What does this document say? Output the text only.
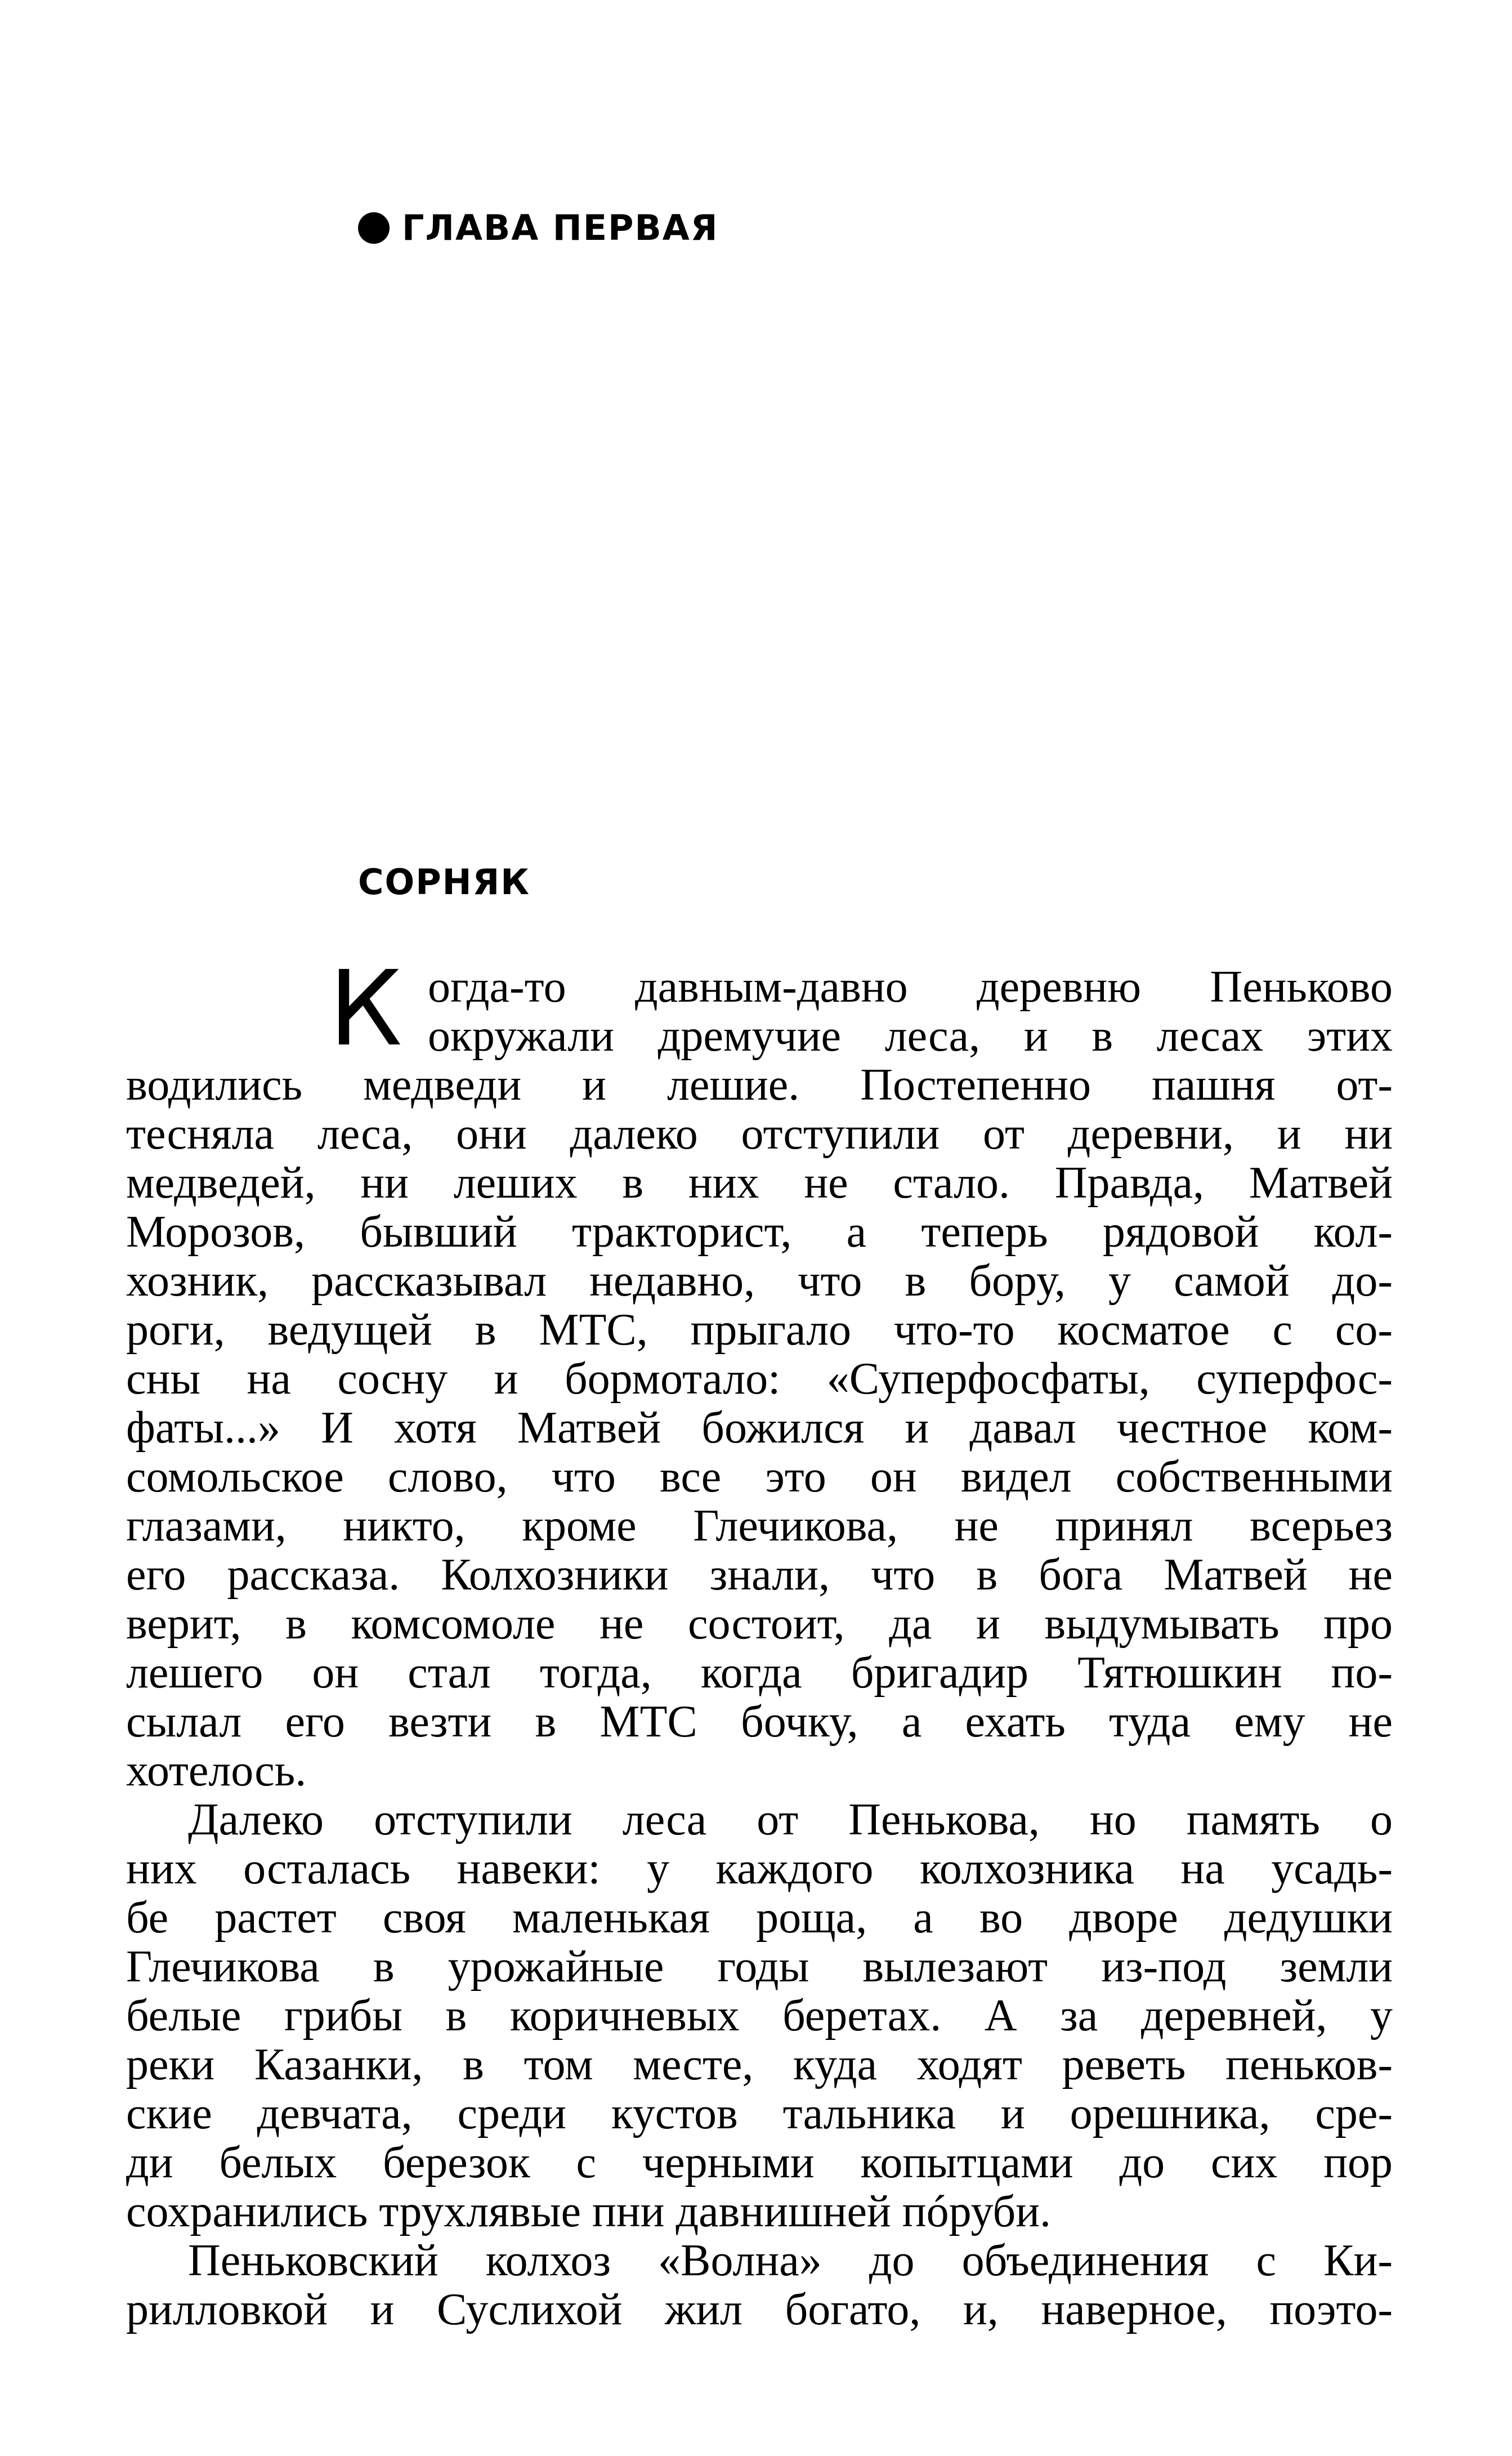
ГЛАВА ПЕРВАЯ
СОРНЯК
К огда-то давным-давно деревню Пеньково
окружали дремучие леса, и в лесах этих
водились медведи и лешие. Постепенно пашня от-
тесняла леса, они далеко отступили от деревни, и ни
медведей, ни леших в них не стало. Правда, Матвей
Морозов, бывший тракторист, а теперь рядовой кол-
хозник, рассказывал недавно, что в бору, у самой до-
роги, ведущей в МТС, прыгало что-то косматое с со-
сны на сосну и бормотало: «Суперфосфаты, суперфос-
фаты...» И хотя Матвей божился и давал честное ком-
сомольское слово, что все это он видел собственными
глазами, никто, кроме Глечикова, не принял всерьез
его рассказа. Колхозники знали, что в бога Матвей не
верит, в комсомоле не состоит, да и выдумывать про
лешего он стал тогда, когда бригадир Тятюшкин по-
сылал его везти в МТС бочку, а ехать туда ему не
хотелось.
Далеко отступили леса от Пенькова, но память о
них осталась навеки: у каждого колхозника на усадь-
бе растет своя маленькая роща, а во дворе дедушки
Глечикова в урожайные годы вылезают из-под земли
белые грибы в коричневых беретах. А за деревней, у
реки Казанки, в том месте, куда ходят реветь пеньков-
ские девчата, среди кустов тальника и орешника, сре-
ди белых березок с черными копытцами до сих пор
сохранились трухлявые пни давнишней пóруби.
Пеньковский колхоз «Волна» до объединения с Ки-
рилловкой и Суслихой жил богато, и, наверное, поэто-
